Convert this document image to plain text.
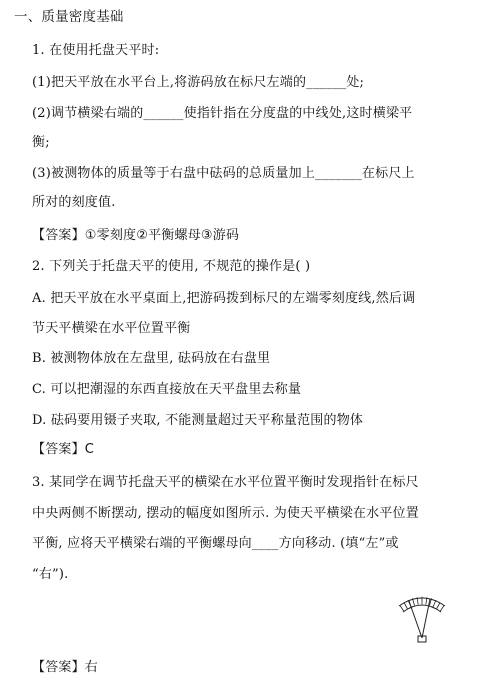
一、质量密度基础
1. 在使用托盘天平时:
(1)把天平放在水平台上,将游码放在标尺左端的______处;
(2)调节横梁右端的______使指针指在分度盘的中线处,这时横梁平
衡;
(3)被测物体的质量等于右盘中砝码的总质量加上_______在标尺上
所对的刻度值.
【答案】①零刻度②平衡螺母③游码
2. 下列关于托盘天平的使用, 不规范的操作是( )
A. 把天平放在水平桌面上,把游码拨到标尺的左端零刻度线,然后调
节天平横梁在水平位置平衡
B. 被测物体放在左盘里, 砝码放在右盘里
C. 可以把潮湿的东西直接放在天平盘里去称量
D. 砝码要用镊子夹取, 不能测量超过天平称量范围的物体
【答案】C
3. 某同学在调节托盘天平的横梁在水平位置平衡时发现指针在标尺
中央两侧不断摆动, 摆动的幅度如图所示. 为使天平横梁在水平位置
平衡, 应将天平横梁右端的平衡螺母向____方向移动. (填“左”或
“右”).
【答案】右
